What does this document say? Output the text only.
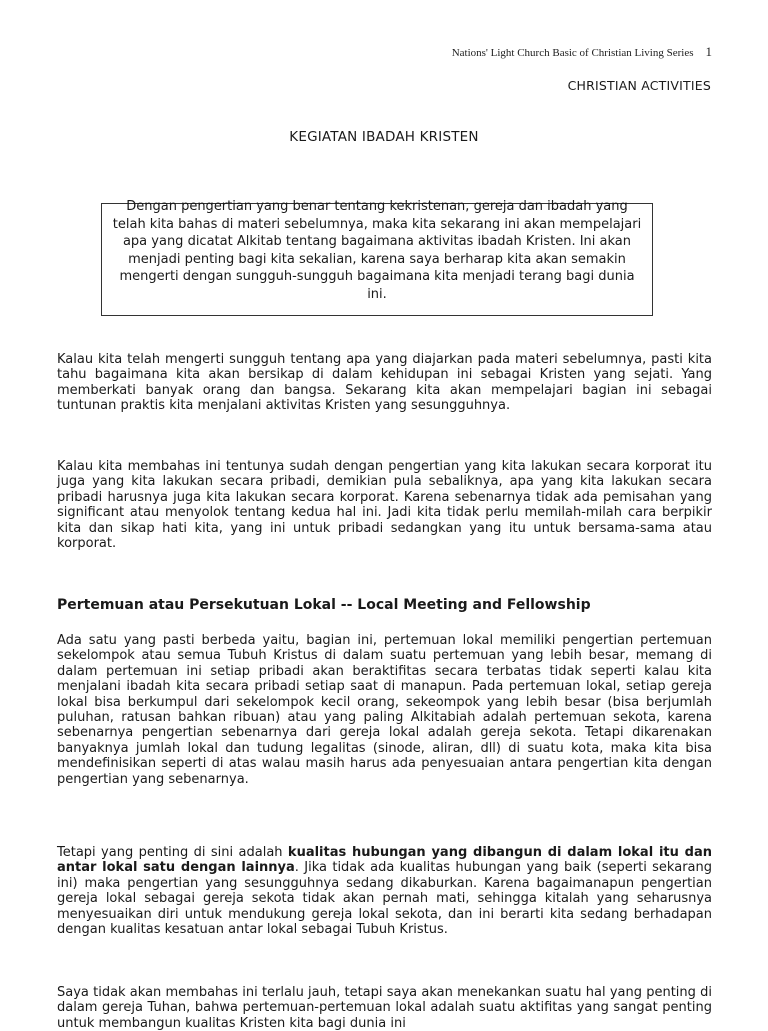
Nations' Light Church Basic of Christian Living Series 1
CHRISTIAN ACTIVITIES
KEGIATAN IBADAH KRISTEN

Dengan pengertian yang benar tentang kekristenan, gereja dan ibadah yang telah kita bahas di materi sebelumnya, maka kita sekarang ini akan mempelajari apa yang dicatat Alkitab tentang bagaimana aktivitas ibadah Kristen. Ini akan menjadi penting bagi kita sekalian, karena saya berharap kita akan semakin mengerti dengan sungguh-sungguh bagaimana kita menjadi terang bagi dunia ini.

Kalau kita telah mengerti sungguh tentang apa yang diajarkan pada materi sebelumnya, pasti kita tahu bagaimana kita akan bersikap di dalam kehidupan ini sebagai Kristen yang sejati. Yang memberkati banyak orang dan bangsa. Sekarang kita akan mempelajari bagian ini sebagai tuntunan praktis kita menjalani aktivitas Kristen yang sesungguhnya.

Kalau kita membahas ini tentunya sudah dengan pengertian yang kita lakukan secara korporat itu juga yang kita lakukan secara pribadi, demikian pula sebaliknya, apa yang kita lakukan secara pribadi harusnya juga kita lakukan secara korporat. Karena sebenarnya tidak ada pemisahan yang significant atau menyolok tentang kedua hal ini. Jadi kita tidak perlu memilah-milah cara berpikir kita dan sikap hati kita, yang ini untuk pribadi sedangkan yang itu untuk bersama-sama atau korporat.

Pertemuan atau Persekutuan Lokal -- Local Meeting and Fellowship

Ada satu yang pasti berbeda yaitu, bagian ini, pertemuan lokal memiliki pengertian pertemuan sekelompok atau semua Tubuh Kristus di dalam suatu pertemuan yang lebih besar, memang di dalam pertemuan ini setiap pribadi akan beraktifitas secara terbatas tidak seperti kalau kita menjalani ibadah kita secara pribadi setiap saat di manapun. Pada pertemuan lokal, setiap gereja lokal bisa berkumpul dari sekelompok kecil orang, sekeompok yang lebih besar (bisa berjumlah puluhan, ratusan bahkan ribuan) atau yang paling Alkitabiah adalah pertemuan sekota, karena sebenarnya pengertian sebenarnya dari gereja lokal adalah gereja sekota. Tetapi dikarenakan banyaknya jumlah lokal dan tudung legalitas (sinode, aliran, dll) di suatu kota, maka kita bisa mendefinisikan seperti di atas walau masih harus ada penyesuaian antara pengertian kita dengan pengertian yang sebenarnya.

Tetapi yang penting di sini adalah kualitas hubungan yang dibangun di dalam lokal itu dan antar lokal satu dengan lainnya. Jika tidak ada kualitas hubungan yang baik (seperti sekarang ini) maka pengertian yang sesungguhnya sedang dikaburkan. Karena bagaimanapun pengertian gereja lokal sebagai gereja sekota tidak akan pernah mati, sehingga kitalah yang seharusnya menyesuaikan diri untuk mendukung gereja lokal sekota, dan ini berarti kita sedang berhadapan dengan kualitas kesatuan antar lokal sebagai Tubuh Kristus.

Saya tidak akan membahas ini terlalu jauh, tetapi saya akan menekankan suatu hal yang penting di dalam gereja Tuhan, bahwa pertemuan-pertemuan lokal adalah suatu aktifitas yang sangat penting untuk membangun kualitas Kristen kita bagi dunia ini
